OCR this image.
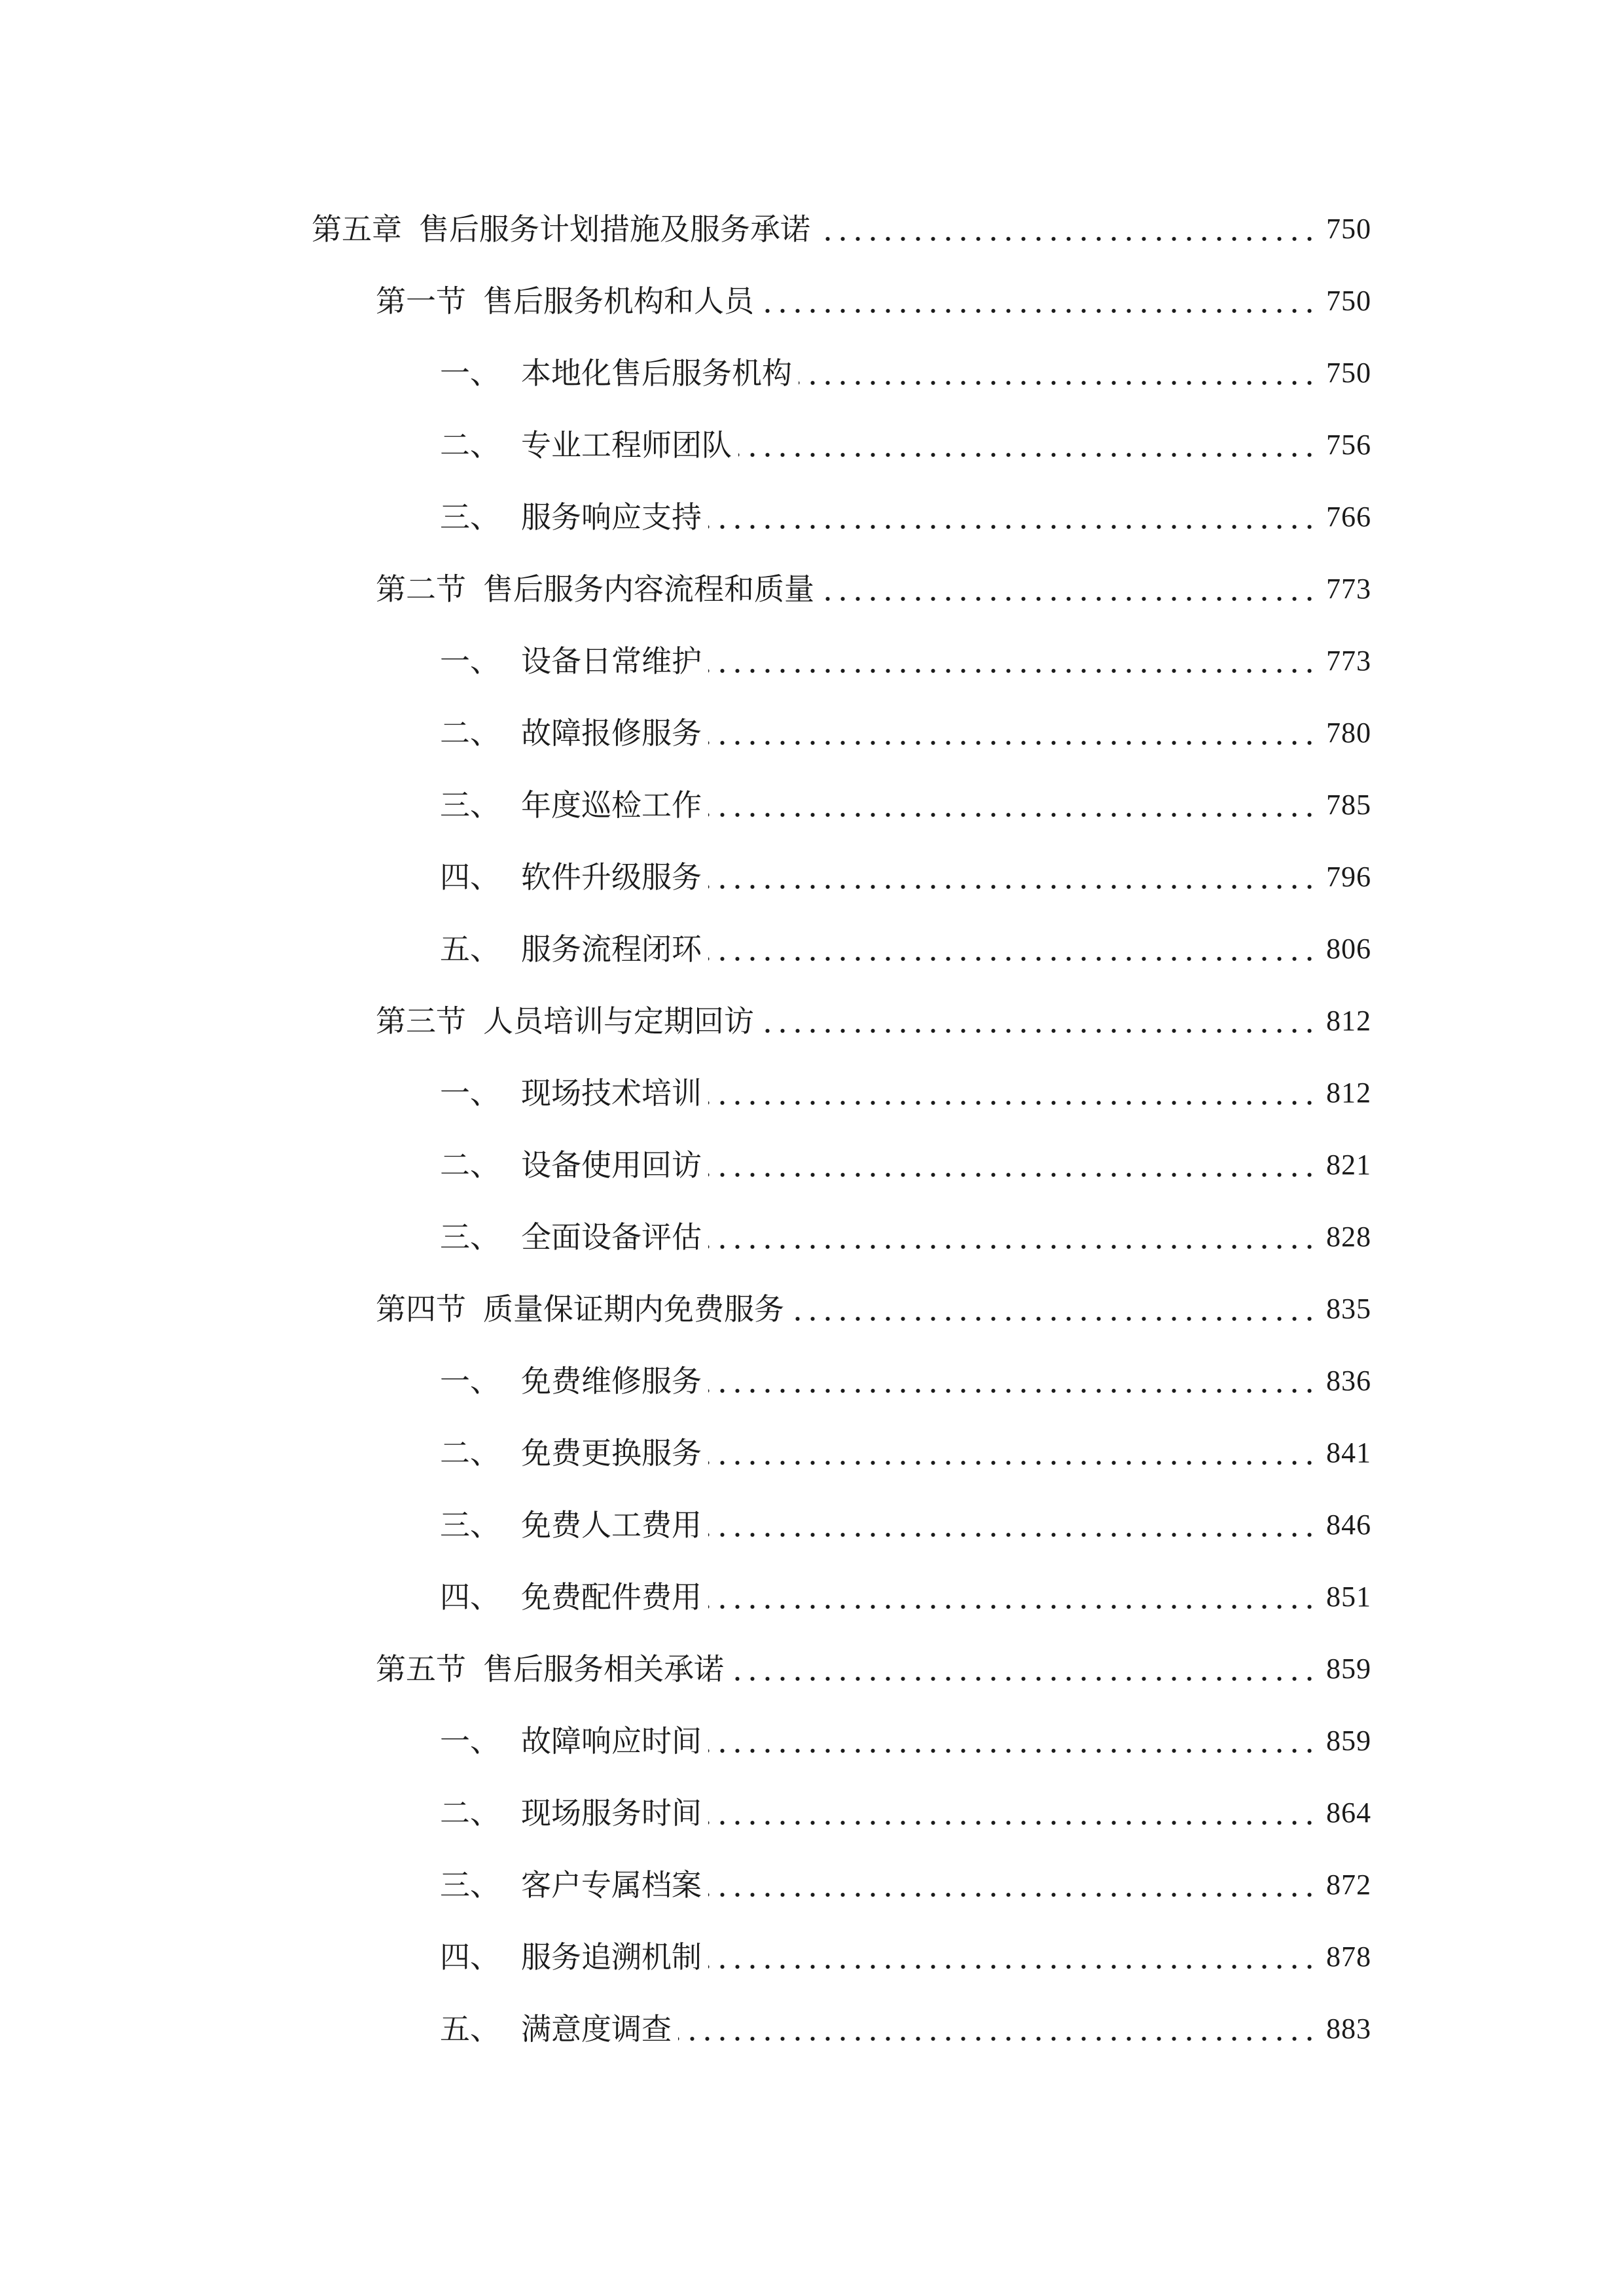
第五章 售后服务计划措施及服务承诺	750
第一节 售后服务机构和人员	750
一、 本地化售后服务机构	750
二、 专业工程师团队	756
三、 服务响应支持	766
第二节 售后服务内容流程和质量	773
一、 设备日常维护	773
二、 故障报修服务	780
三、 年度巡检工作	785
四、 软件升级服务	796
五、 服务流程闭环	806
第三节 人员培训与定期回访	812
一、 现场技术培训	812
二、 设备使用回访	821
三、 全面设备评估	828
第四节 质量保证期内免费服务	835
一、 免费维修服务	836
二、 免费更换服务	841
三、 免费人工费用	846
四、 免费配件费用	851
第五节 售后服务相关承诺	859
一、 故障响应时间	859
二、 现场服务时间	864
三、 客户专属档案	872
四、 服务追溯机制	878
五、 满意度调查	883
